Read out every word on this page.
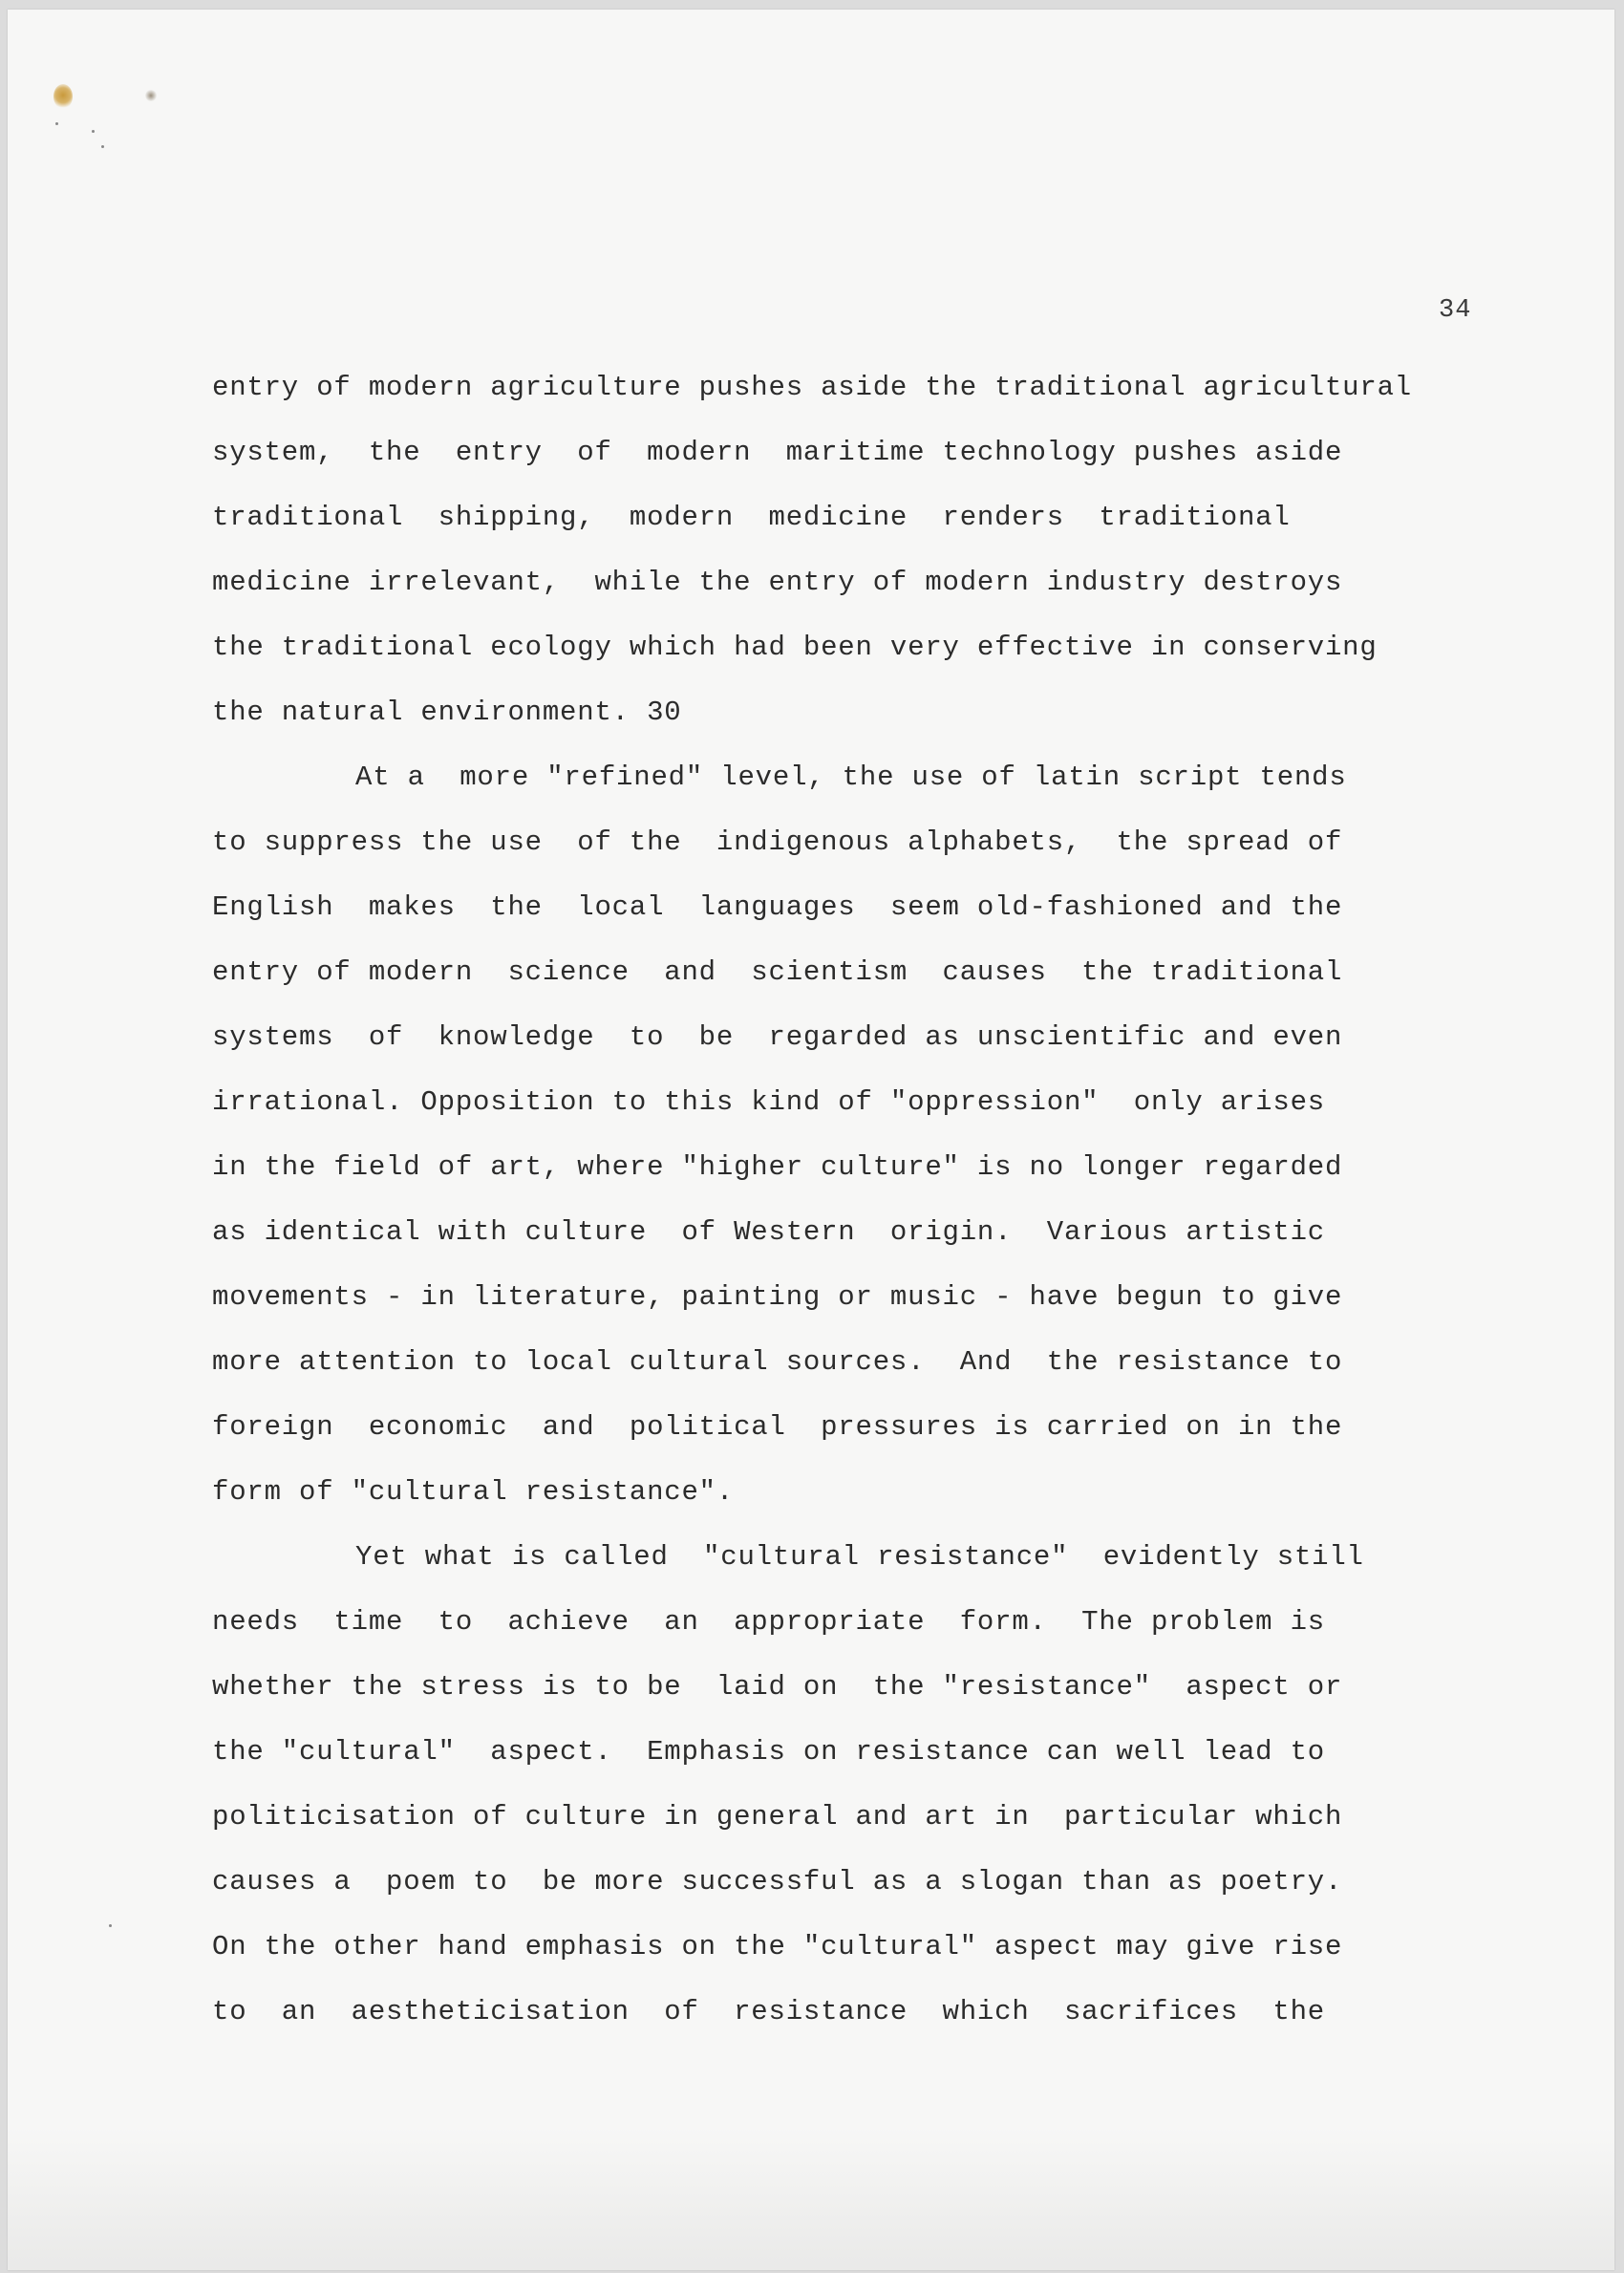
34
entry of modern agriculture pushes aside the traditional agricultural
system,  the  entry  of  modern  maritime technology pushes aside
traditional  shipping,  modern  medicine  renders  traditional
medicine irrelevant,  while the entry of modern industry destroys
the traditional ecology which had been very effective in conserving
the natural environment. 30
At a  more "refined" level, the use of latin script tends
to suppress the use  of the  indigenous alphabets,  the spread of
English  makes  the  local  languages  seem old-fashioned and the
entry of modern  science  and  scientism  causes  the traditional
systems  of  knowledge  to  be  regarded as unscientific and even
irrational. Opposition to this kind of "oppression"  only arises
in the field of art, where "higher culture" is no longer regarded
as identical with culture  of Western  origin.  Various artistic
movements - in literature, painting or music - have begun to give
more attention to local cultural sources.  And  the resistance to
foreign  economic  and  political  pressures is carried on in the
form of "cultural resistance".
Yet what is called  "cultural resistance"  evidently still
needs  time  to  achieve  an  appropriate  form.  The problem is
whether the stress is to be  laid on  the "resistance"  aspect or
the "cultural"  aspect.  Emphasis on resistance can well lead to
politicisation of culture in general and art in  particular which
causes a  poem to  be more successful as a slogan than as poetry.
On the other hand emphasis on the "cultural" aspect may give rise
to  an  aestheticisation  of  resistance  which  sacrifices  the
